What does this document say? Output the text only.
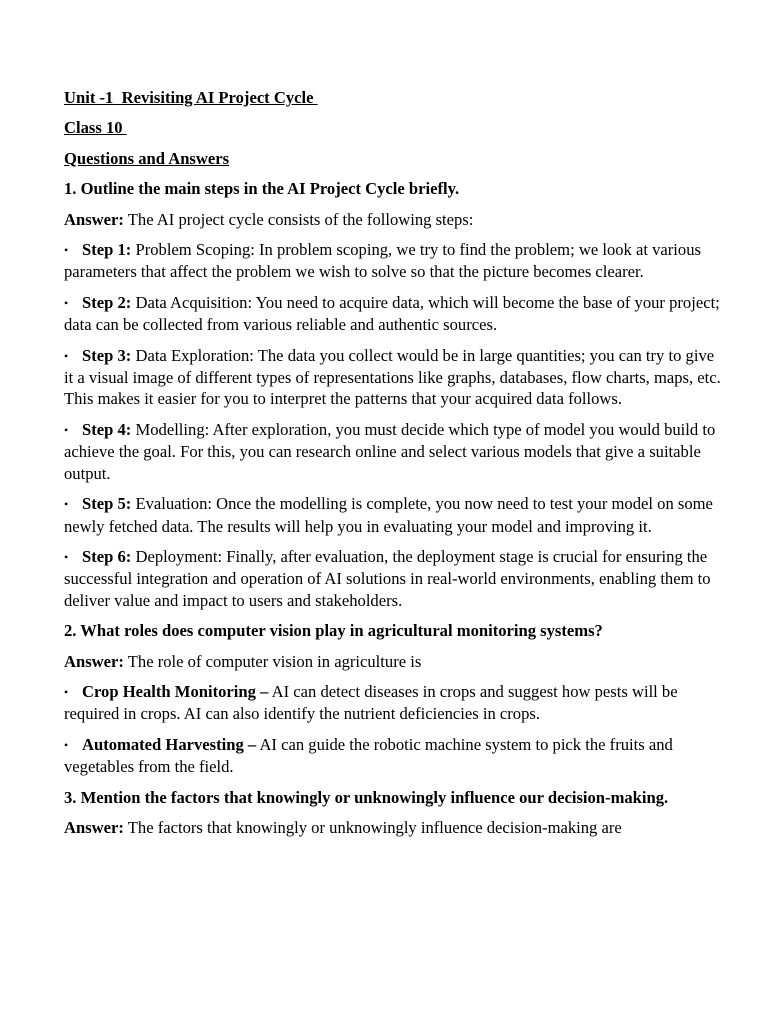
Unit -1  Revisiting AI Project Cycle
Class 10
Questions and Answers
1. Outline the main steps in the AI Project Cycle briefly.
Answer: The AI project cycle consists of the following steps:
• Step 1: Problem Scoping: In problem scoping, we try to find the problem; we look at various parameters that affect the problem we wish to solve so that the picture becomes clearer.
• Step 2: Data Acquisition: You need to acquire data, which will become the base of your project; data can be collected from various reliable and authentic sources.
• Step 3: Data Exploration: The data you collect would be in large quantities; you can try to give it a visual image of different types of representations like graphs, databases, flow charts, maps, etc. This makes it easier for you to interpret the patterns that your acquired data follows.
• Step 4: Modelling: After exploration, you must decide which type of model you would build to achieve the goal. For this, you can research online and select various models that give a suitable output.
• Step 5: Evaluation: Once the modelling is complete, you now need to test your model on some newly fetched data. The results will help you in evaluating your model and improving it.
• Step 6: Deployment: Finally, after evaluation, the deployment stage is crucial for ensuring the successful integration and operation of AI solutions in real-world environments, enabling them to deliver value and impact to users and stakeholders.
2. What roles does computer vision play in agricultural monitoring systems?
Answer: The role of computer vision in agriculture is
• Crop Health Monitoring – AI can detect diseases in crops and suggest how pests will be required in crops. AI can also identify the nutrient deficiencies in crops.
• Automated Harvesting – AI can guide the robotic machine system to pick the fruits and vegetables from the field.
3. Mention the factors that knowingly or unknowingly influence our decision-making.
Answer: The factors that knowingly or unknowingly influence decision-making are
